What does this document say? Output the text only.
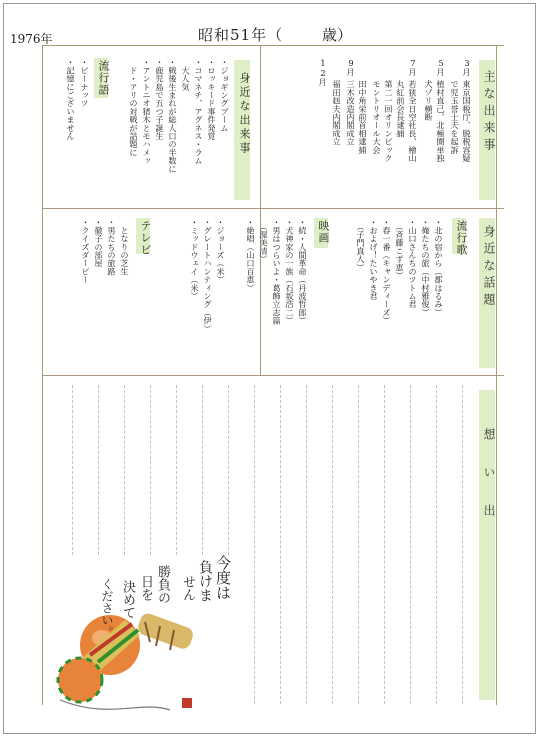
1976年	昭和51年（	歳）
主な出来事
身近な話題
想い出
3月
東京国税庁、脱税容疑
で児玉誉士夫を起訴
5月
植村直己、北極圏単独
犬ゾリ横断
7月
若狭全日空社長、檜山
丸紅前会長逮捕
第二一回オリンピック
モントリオール大会
9月
田中角栄前首相逮捕
三木改造内閣成立
12月
福田赳夫内閣成立
身近な出来事
・ジョギングブーム
・ロッキード事件発覚
・コマネチ、アグネス・ラム
　大人気
・戦後生まれが総人口の半数に
・鹿児島で五つ子誕生
・アントニオ猪木とモハメッ
　ド・アリの対戦が話題に
流行語
・ピーナッツ
・記憶にございません
流行歌
・北の宿から（都はるみ）
・俺たちの旅（中村雅俊）
・山口さんちのツトム君
　（斉藤こず恵）
・春一番（キャンディーズ）
・およげ！たいやき君
　（子門真人）
映画
・続・人間革命（丹波哲郎）
・犬神家の一族（石坂浩二）
・男はつらいよ・葛飾立志篇
　（渥美清）
・絶唱（山口百恵）
テレビ	・ジョーズ（米）
・グレートハンティング（伊）
・ミッドウェイ（米）
　となりの芝生
・男たちの旅路
・徹子の部屋
・クイズダービー
今度は
負けま
せん
勝負の
日を
決めて
ください。
